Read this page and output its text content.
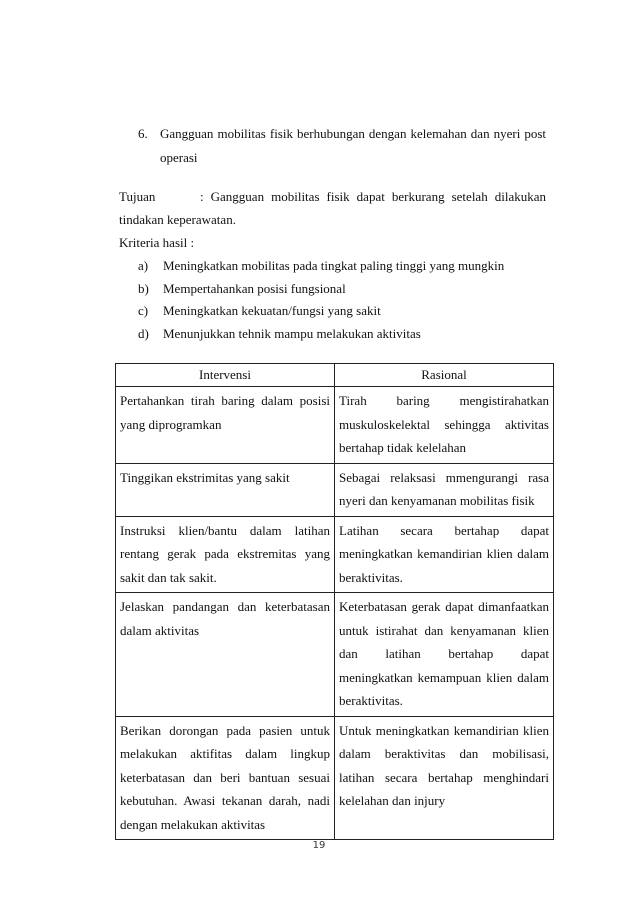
6. Gangguan mobilitas fisik berhubungan dengan kelemahan dan nyeri post
operasi
Tujuan	: Gangguan mobilitas fisik dapat berkurang setelah dilakukan
tindakan keperawatan.
Kriteria hasil :
a) Meningkatkan mobilitas pada tingkat paling tinggi yang mungkin
b) Mempertahankan posisi fungsional
c) Meningkatkan kekuatan/fungsi yang sakit
d) Menunjukkan tehnik mampu melakukan aktivitas
Intervensi	Rasional

Pertahankan tirah baring dalam posisi
yang diprogramkan	Tirah baring mengistirahatkan
muskuloskelektal sehingga aktivitas
bertahap tidak kelelahan

Tinggikan ekstrimitas yang sakit	Sebagai relaksasi mmengurangi rasa
nyeri dan kenyamanan mobilitas fisik

Instruksi klien/bantu dalam latihan
rentang gerak pada ekstremitas yang
sakit dan tak sakit.	Latihan secara bertahap dapat
meningkatkan kemandirian klien dalam
beraktivitas.

Jelaskan pandangan dan keterbatasan
dalam aktivitas	Keterbatasan gerak dapat dimanfaatkan
untuk istirahat dan kenyamanan klien
dan latihan bertahap dapat
meningkatkan kemampuan klien dalam
beraktivitas.

Berikan dorongan pada pasien untuk
melakukan aktifitas dalam lingkup
keterbatasan dan beri bantuan sesuai
kebutuhan. Awasi tekanan darah, nadi
dengan melakukan aktivitas	Untuk meningkatkan kemandirian klien
dalam beraktivitas dan mobilisasi,
latihan secara bertahap menghindari
kelelahan dan injury
19
